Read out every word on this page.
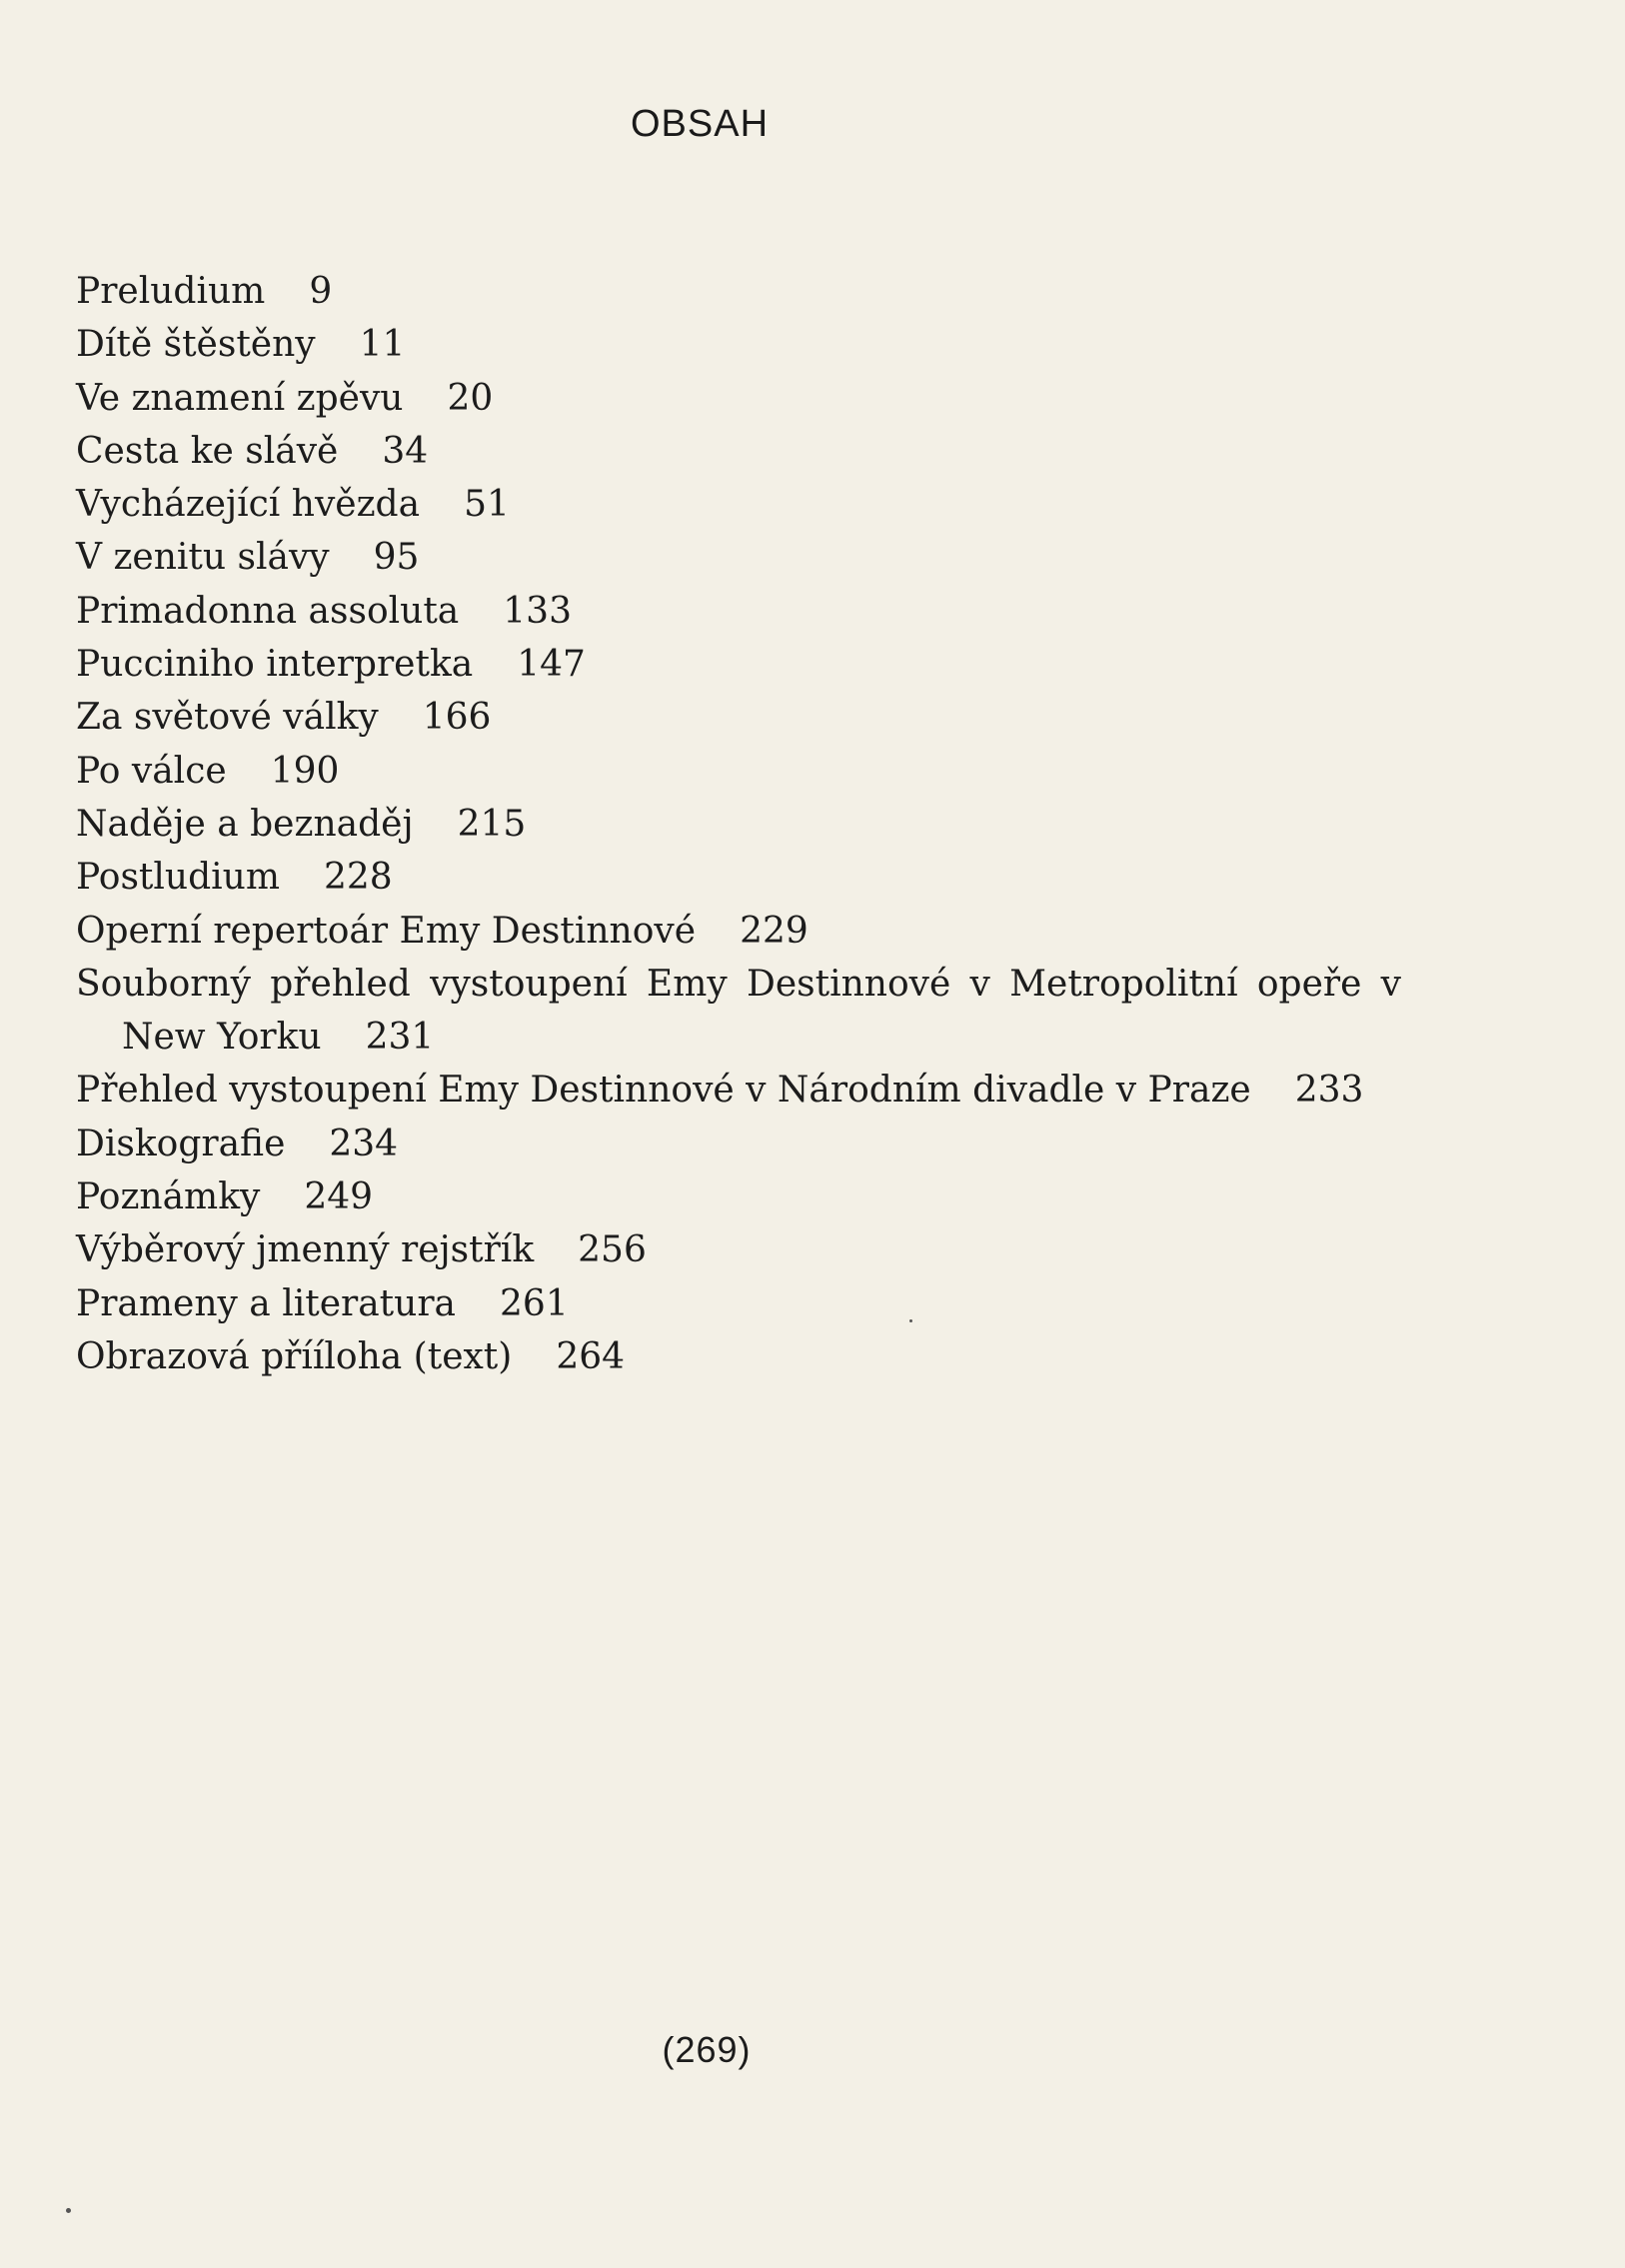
OBSAH
Preludium 9
Dítě štěstěny 11
Ve znamení zpěvu 20
Cesta ke slávě 34
Vycházející hvězda 51
V zenitu slávy 95
Primadonna assoluta 133
Pucciniho interpretka 147
Za světové války 166
Po válce 190
Naděje a beznaděj 215
Postludium 228
Operní repertoár Emy Destinnové 229
Souborný přehled vystoupení Emy Destinnové v Metropolitní opeře v New Yorku 231
Přehled vystoupení Emy Destinnové v Národním divadle v Praze 233
Diskografie 234
Poznámky 249
Výběrový jmenný rejstřík 256
Prameny a literatura 261
Obrazová přííloha (text) 264
(269)
